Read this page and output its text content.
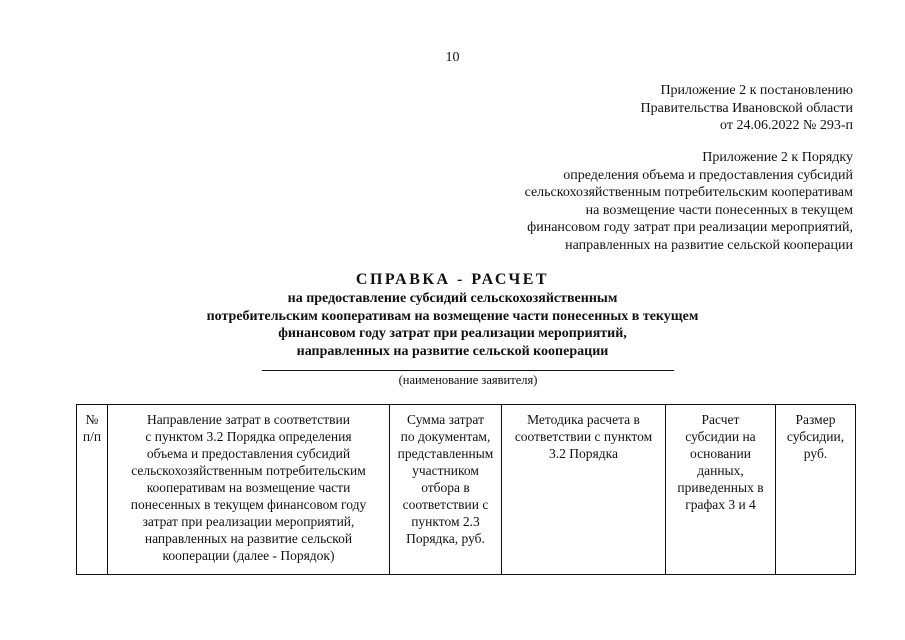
10
Приложение 2 к постановлению
Правительства Ивановской области
от 24.06.2022 № 293-п
Приложение 2 к Порядку
определения объема и предоставления субсидий
сельскохозяйственным потребительским кооперативам
на возмещение части понесенных в текущем
финансовом году затрат при реализации мероприятий,
направленных на развитие сельской кооперации
СПРАВКА - РАСЧЕТ
на предоставление субсидий сельскохозяйственным
потребительским кооперативам на возмещение части понесенных в текущем
финансовом году затрат при реализации мероприятий,
направленных на развитие сельской кооперации
(наименование заявителя)
№
п/п

Направление затрат в соответствии
с пунктом 3.2 Порядка определения
объема и предоставления субсидий
сельскохозяйственным потребительским
кооперативам на возмещение части
понесенных в текущем финансовом году
затрат при реализации мероприятий,
направленных на развитие сельской
кооперации (далее - Порядок)

Сумма затрат
по документам,
представленным
участником
отбора в
соответствии с
пунктом 2.3
Порядка, руб.

Методика расчета в
соответствии с пунктом
3.2 Порядка

Расчет
субсидии на
основании
данных,
приведенных в
графах 3 и 4

Размер
субсидии,
руб.
